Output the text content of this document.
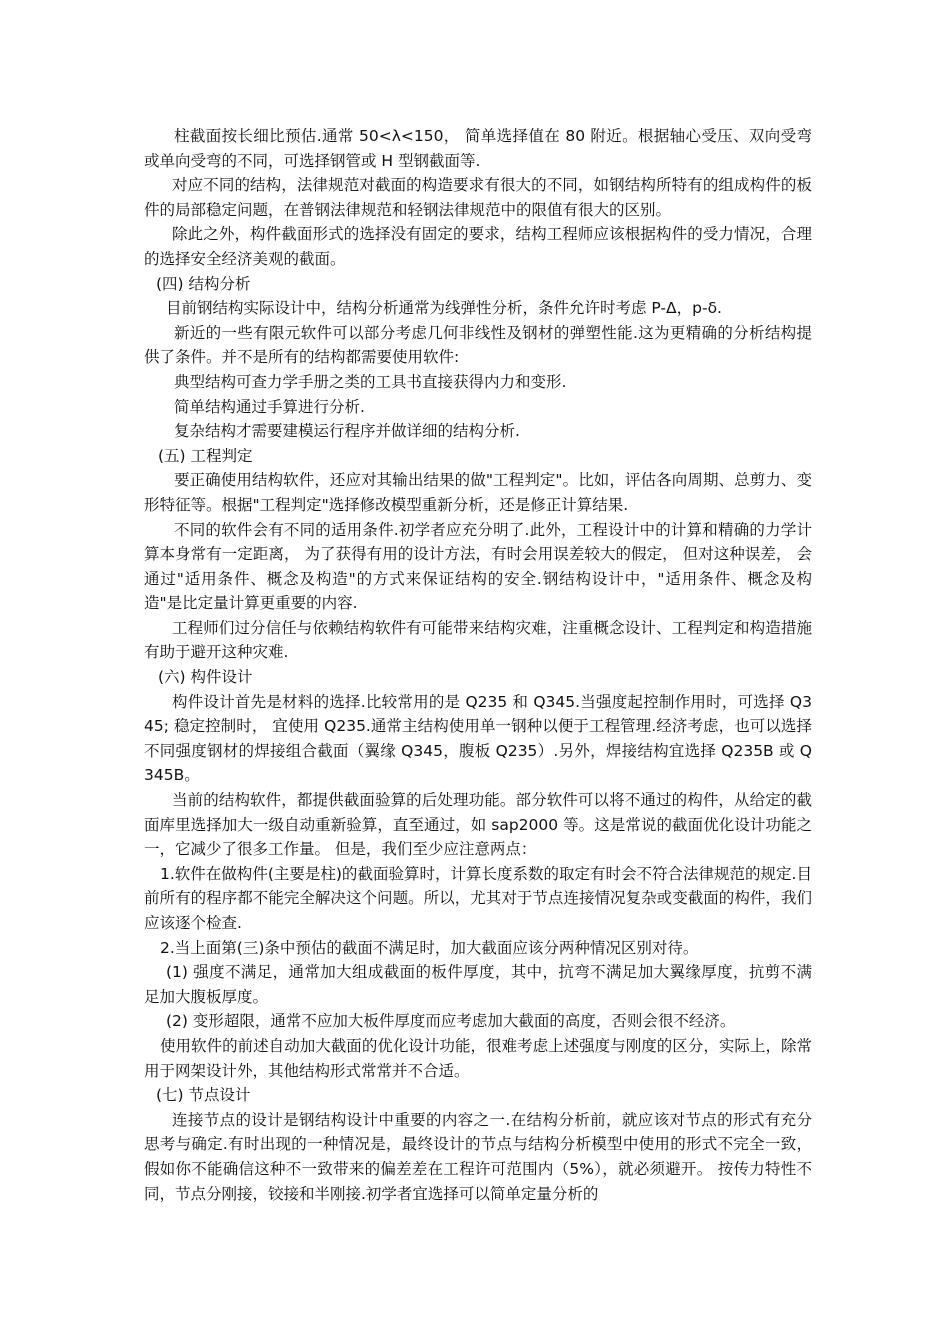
柱截面按长细比预估.通常 50<λ<150， 简单选择值在 80 附近。根据轴心受压、双向受弯或单向受弯的不同，可选择钢管或 H 型钢截面等.

对应不同的结构，法律规范对截面的构造要求有很大的不同，如钢结构所特有的组成构件的板件的局部稳定问题，在普钢法律规范和轻钢法律规范中的限值有很大的区别。

除此之外，构件截面形式的选择没有固定的要求，结构工程师应该根据构件的受力情况，合理的选择安全经济美观的截面。

(四) 结构分析

目前钢结构实际设计中，结构分析通常为线弹性分析，条件允许时考虑 P-Δ，p-δ.

新近的一些有限元软件可以部分考虑几何非线性及钢材的弹塑性能.这为更精确的分析结构提供了条件。并不是所有的结构都需要使用软件:

典型结构可查力学手册之类的工具书直接获得内力和变形.

简单结构通过手算进行分析.

复杂结构才需要建模运行程序并做详细的结构分析.

(五) 工程判定

要正确使用结构软件，还应对其输出结果的做"工程判定"。比如，评估各向周期、总剪力、变形特征等。根据"工程判定"选择修改模型重新分析，还是修正计算结果.

不同的软件会有不同的适用条件.初学者应充分明了.此外，工程设计中的计算和精确的力学计算本身常有一定距离， 为了获得有用的设计方法，有时会用误差较大的假定， 但对这种误差， 会通过"适用条件、概念及构造"的方式来保证结构的安全.钢结构设计中，"适用条件、概念及构造"是比定量计算更重要的内容.

工程师们过分信任与依赖结构软件有可能带来结构灾难，注重概念设计、工程判定和构造措施有助于避开这种灾难.

(六) 构件设计

构件设计首先是材料的选择.比较常用的是 Q235 和 Q345.当强度起控制作用时，可选择 Q345; 稳定控制时， 宜使用 Q235.通常主结构使用单一钢种以便于工程管理.经济考虑，也可以选择不同强度钢材的焊接组合截面（翼缘 Q345，腹板 Q235）.另外，焊接结构宜选择 Q235B 或 Q345B。

当前的结构软件，都提供截面验算的后处理功能。部分软件可以将不通过的构件，从给定的截面库里选择加大一级自动重新验算，直至通过，如 sap2000 等。这是常说的截面优化设计功能之一，它减少了很多工作量。 但是，我们至少应注意两点：

1.软件在做构件(主要是柱)的截面验算时，计算长度系数的取定有时会不符合法律规范的规定.目前所有的程序都不能完全解决这个问题。所以，尤其对于节点连接情况复杂或变截面的构件，我们应该逐个检查.

2.当上面第(三)条中预估的截面不满足时，加大截面应该分两种情况区别对待。

(1) 强度不满足，通常加大组成截面的板件厚度，其中，抗弯不满足加大翼缘厚度，抗剪不满足加大腹板厚度。

(2) 变形超限，通常不应加大板件厚度而应考虑加大截面的高度，否则会很不经济。

使用软件的前述自动加大截面的优化设计功能，很难考虑上述强度与刚度的区分，实际上，除常用于网架设计外，其他结构形式常常并不合适。

(七) 节点设计

连接节点的设计是钢结构设计中重要的内容之一.在结构分析前，就应该对节点的形式有充分思考与确定.有时出现的一种情况是，最终设计的节点与结构分析模型中使用的形式不完全一致，假如你不能确信这种不一致带来的偏差差在工程许可范围内（5%），就必须避开。 按传力特性不同，节点分刚接，铰接和半刚接.初学者宜选择可以简单定量分析的
